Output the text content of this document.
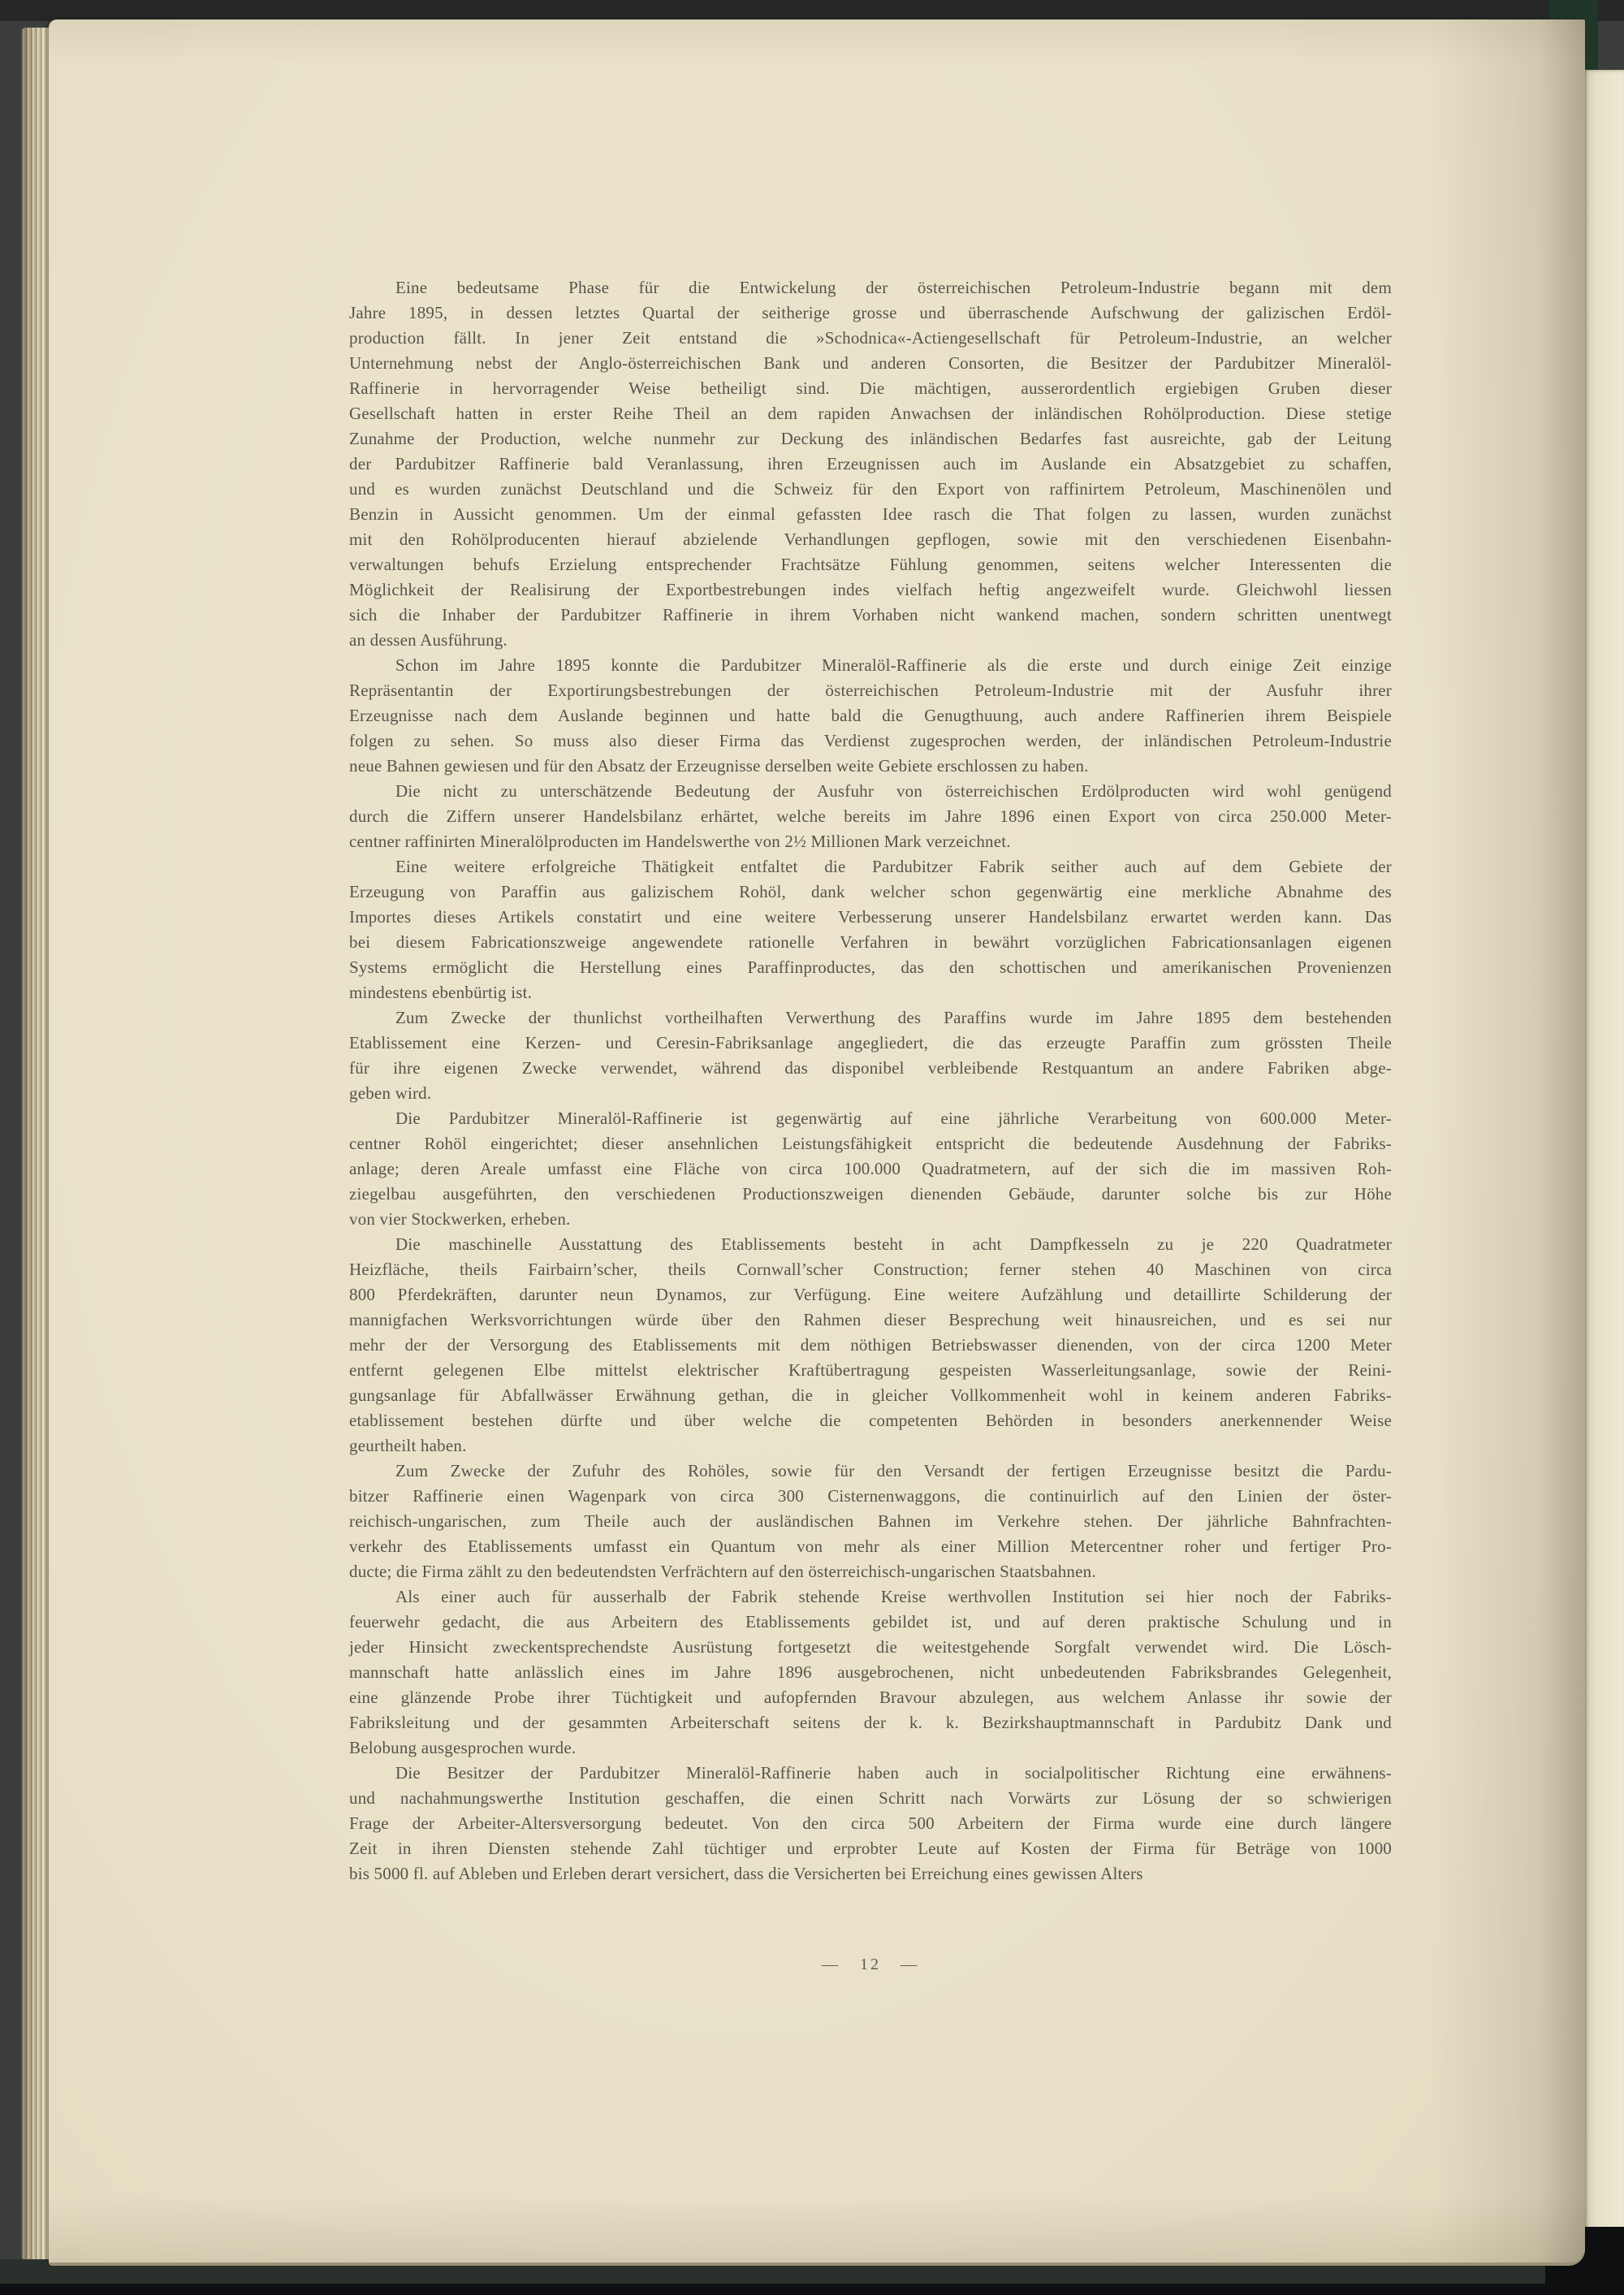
Eine bedeutsame Phase für die Entwickelung der österreichischen Petroleum-Industrie begann mit dem
Jahre 1895, in dessen letztes Quartal der seitherige grosse und überraschende Aufschwung der galizischen Erdöl-
production fällt. In jener Zeit entstand die »Schodnica«-Actiengesellschaft für Petroleum-Industrie, an welcher
Unternehmung nebst der Anglo-österreichischen Bank und anderen Consorten, die Besitzer der Pardubitzer Mineralöl-
Raffinerie in hervorragender Weise betheiligt sind. Die mächtigen, ausserordentlich ergiebigen Gruben dieser
Gesellschaft hatten in erster Reihe Theil an dem rapiden Anwachsen der inländischen Rohölproduction. Diese stetige
Zunahme der Production, welche nunmehr zur Deckung des inländischen Bedarfes fast ausreichte, gab der Leitung
der Pardubitzer Raffinerie bald Veranlassung, ihren Erzeugnissen auch im Auslande ein Absatzgebiet zu schaffen,
und es wurden zunächst Deutschland und die Schweiz für den Export von raffinirtem Petroleum, Maschinenölen und
Benzin in Aussicht genommen. Um der einmal gefassten Idee rasch die That folgen zu lassen, wurden zunächst
mit den Rohölproducenten hierauf abzielende Verhandlungen gepflogen, sowie mit den verschiedenen Eisenbahn-
verwaltungen behufs Erzielung entsprechender Frachtsätze Fühlung genommen, seitens welcher Interessenten die
Möglichkeit der Realisirung der Exportbestrebungen indes vielfach heftig angezweifelt wurde. Gleichwohl liessen
sich die Inhaber der Pardubitzer Raffinerie in ihrem Vorhaben nicht wankend machen, sondern schritten unentwegt
an dessen Ausführung.
Schon im Jahre 1895 konnte die Pardubitzer Mineralöl-Raffinerie als die erste und durch einige Zeit einzige
Repräsentantin der Exportirungsbestrebungen der österreichischen Petroleum-Industrie mit der Ausfuhr ihrer
Erzeugnisse nach dem Auslande beginnen und hatte bald die Genugthuung, auch andere Raffinerien ihrem Beispiele
folgen zu sehen. So muss also dieser Firma das Verdienst zugesprochen werden, der inländischen Petroleum-Industrie
neue Bahnen gewiesen und für den Absatz der Erzeugnisse derselben weite Gebiete erschlossen zu haben.
Die nicht zu unterschätzende Bedeutung der Ausfuhr von österreichischen Erdölproducten wird wohl genügend
durch die Ziffern unserer Handelsbilanz erhärtet, welche bereits im Jahre 1896 einen Export von circa 250.000 Meter-
centner raffinirten Mineralölproducten im Handelswerthe von 2½ Millionen Mark verzeichnet.
Eine weitere erfolgreiche Thätigkeit entfaltet die Pardubitzer Fabrik seither auch auf dem Gebiete der
Erzeugung von Paraffin aus galizischem Rohöl, dank welcher schon gegenwärtig eine merkliche Abnahme des
Importes dieses Artikels constatirt und eine weitere Verbesserung unserer Handelsbilanz erwartet werden kann. Das
bei diesem Fabricationszweige angewendete rationelle Verfahren in bewährt vorzüglichen Fabricationsanlagen eigenen
Systems ermöglicht die Herstellung eines Paraffinproductes, das den schottischen und amerikanischen Provenienzen
mindestens ebenbürtig ist.
Zum Zwecke der thunlichst vortheilhaften Verwerthung des Paraffins wurde im Jahre 1895 dem bestehenden
Etablissement eine Kerzen- und Ceresin-Fabriksanlage angegliedert, die das erzeugte Paraffin zum grössten Theile
für ihre eigenen Zwecke verwendet, während das disponibel verbleibende Restquantum an andere Fabriken abge-
geben wird.
Die Pardubitzer Mineralöl-Raffinerie ist gegenwärtig auf eine jährliche Verarbeitung von 600.000 Meter-
centner Rohöl eingerichtet; dieser ansehnlichen Leistungsfähigkeit entspricht die bedeutende Ausdehnung der Fabriks-
anlage; deren Areale umfasst eine Fläche von circa 100.000 Quadratmetern, auf der sich die im massiven Roh-
ziegelbau ausgeführten, den verschiedenen Productionszweigen dienenden Gebäude, darunter solche bis zur Höhe
von vier Stockwerken, erheben.
Die maschinelle Ausstattung des Etablissements besteht in acht Dampfkesseln zu je 220 Quadratmeter
Heizfläche, theils Fairbairn’scher, theils Cornwall’scher Construction; ferner stehen 40 Maschinen von circa
800 Pferdekräften, darunter neun Dynamos, zur Verfügung. Eine weitere Aufzählung und detaillirte Schilderung der
mannigfachen Werksvorrichtungen würde über den Rahmen dieser Besprechung weit hinausreichen, und es sei nur
mehr der der Versorgung des Etablissements mit dem nöthigen Betriebswasser dienenden, von der circa 1200 Meter
entfernt gelegenen Elbe mittelst elektrischer Kraftübertragung gespeisten Wasserleitungsanlage, sowie der Reini-
gungsanlage für Abfallwässer Erwähnung gethan, die in gleicher Vollkommenheit wohl in keinem anderen Fabriks-
etablissement bestehen dürfte und über welche die competenten Behörden in besonders anerkennender Weise
geurtheilt haben.
Zum Zwecke der Zufuhr des Rohöles, sowie für den Versandt der fertigen Erzeugnisse besitzt die Pardu-
bitzer Raffinerie einen Wagenpark von circa 300 Cisternenwaggons, die continuirlich auf den Linien der öster-
reichisch-ungarischen, zum Theile auch der ausländischen Bahnen im Verkehre stehen. Der jährliche Bahnfrachten-
verkehr des Etablissements umfasst ein Quantum von mehr als einer Million Metercentner roher und fertiger Pro-
ducte; die Firma zählt zu den bedeutendsten Verfrächtern auf den österreichisch-ungarischen Staatsbahnen.
Als einer auch für ausserhalb der Fabrik stehende Kreise werthvollen Institution sei hier noch der Fabriks-
feuerwehr gedacht, die aus Arbeitern des Etablissements gebildet ist, und auf deren praktische Schulung und in
jeder Hinsicht zweckentsprechendste Ausrüstung fortgesetzt die weitestgehende Sorgfalt verwendet wird. Die Lösch-
mannschaft hatte anlässlich eines im Jahre 1896 ausgebrochenen, nicht unbedeutenden Fabriksbrandes Gelegenheit,
eine glänzende Probe ihrer Tüchtigkeit und aufopfernden Bravour abzulegen, aus welchem Anlasse ihr sowie der
Fabriksleitung und der gesammten Arbeiterschaft seitens der k. k. Bezirkshauptmannschaft in Pardubitz Dank und
Belobung ausgesprochen wurde.
Die Besitzer der Pardubitzer Mineralöl-Raffinerie haben auch in socialpolitischer Richtung eine erwähnens-
und nachahmungswerthe Institution geschaffen, die einen Schritt nach Vorwärts zur Lösung der so schwierigen
Frage der Arbeiter-Altersversorgung bedeutet. Von den circa 500 Arbeitern der Firma wurde eine durch längere
Zeit in ihren Diensten stehende Zahl tüchtiger und erprobter Leute auf Kosten der Firma für Beträge von 1000
bis 5000 fl. auf Ableben und Erleben derart versichert, dass die Versicherten bei Erreichung eines gewissen Alters
—   12   —
